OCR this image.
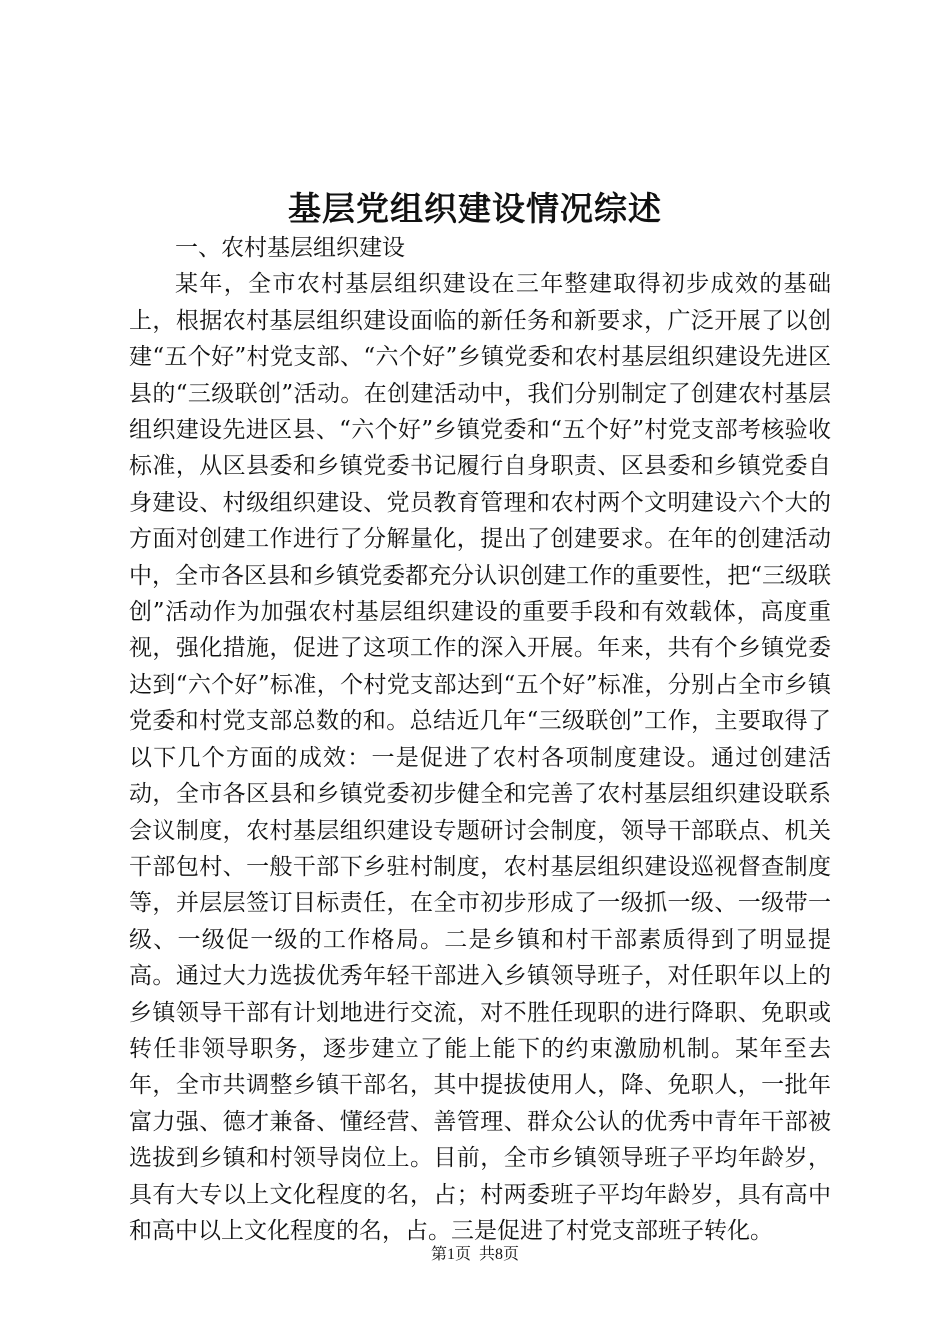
基层党组织建设情况综述

一、农村基层组织建设

某年，全市农村基层组织建设在三年整建取得初步成效的基础上，根据农村基层组织建设面临的新任务和新要求，广泛开展了以创建“五个好”村党支部、“六个好”乡镇党委和农村基层组织建设先进区县的“三级联创”活动。在创建活动中，我们分别制定了创建农村基层组织建设先进区县、“六个好”乡镇党委和“五个好”村党支部考核验收标准，从区县委和乡镇党委书记履行自身职责、区县委和乡镇党委自身建设、村级组织建设、党员教育管理和农村两个文明建设六个大的方面对创建工作进行了分解量化，提出了创建要求。在年的创建活动中，全市各区县和乡镇党委都充分认识创建工作的重要性，把“三级联创”活动作为加强农村基层组织建设的重要手段和有效载体，高度重视，强化措施，促进了这项工作的深入开展。年来，共有个乡镇党委达到“六个好”标准，个村党支部达到“五个好”标准，分别占全市乡镇党委和村党支部总数的和。总结近几年“三级联创”工作，主要取得了以下几个方面的成效：一是促进了农村各项制度建设。通过创建活动，全市各区县和乡镇党委初步健全和完善了农村基层组织建设联系会议制度，农村基层组织建设专题研讨会制度，领导干部联点、机关干部包村、一般干部下乡驻村制度，农村基层组织建设巡视督查制度等，并层层签订目标责任，在全市初步形成了一级抓一级、一级带一级、一级促一级的工作格局。二是乡镇和村干部素质得到了明显提高。通过大力选拔优秀年轻干部进入乡镇领导班子，对任职年以上的乡镇领导干部有计划地进行交流，对不胜任现职的进行降职、免职或转任非领导职务，逐步建立了能上能下的约束激励机制。某年至去年，全市共调整乡镇干部名，其中提拔使用人，降、免职人，一批年富力强、德才兼备、懂经营、善管理、群众公认的优秀中青年干部被选拔到乡镇和村领导岗位上。目前，全市乡镇领导班子平均年龄岁，具有大专以上文化程度的名，占；村两委班子平均年龄岁，具有高中和高中以上文化程度的名，占。三是促进了村党支部班子转化。

第1页  共8页
